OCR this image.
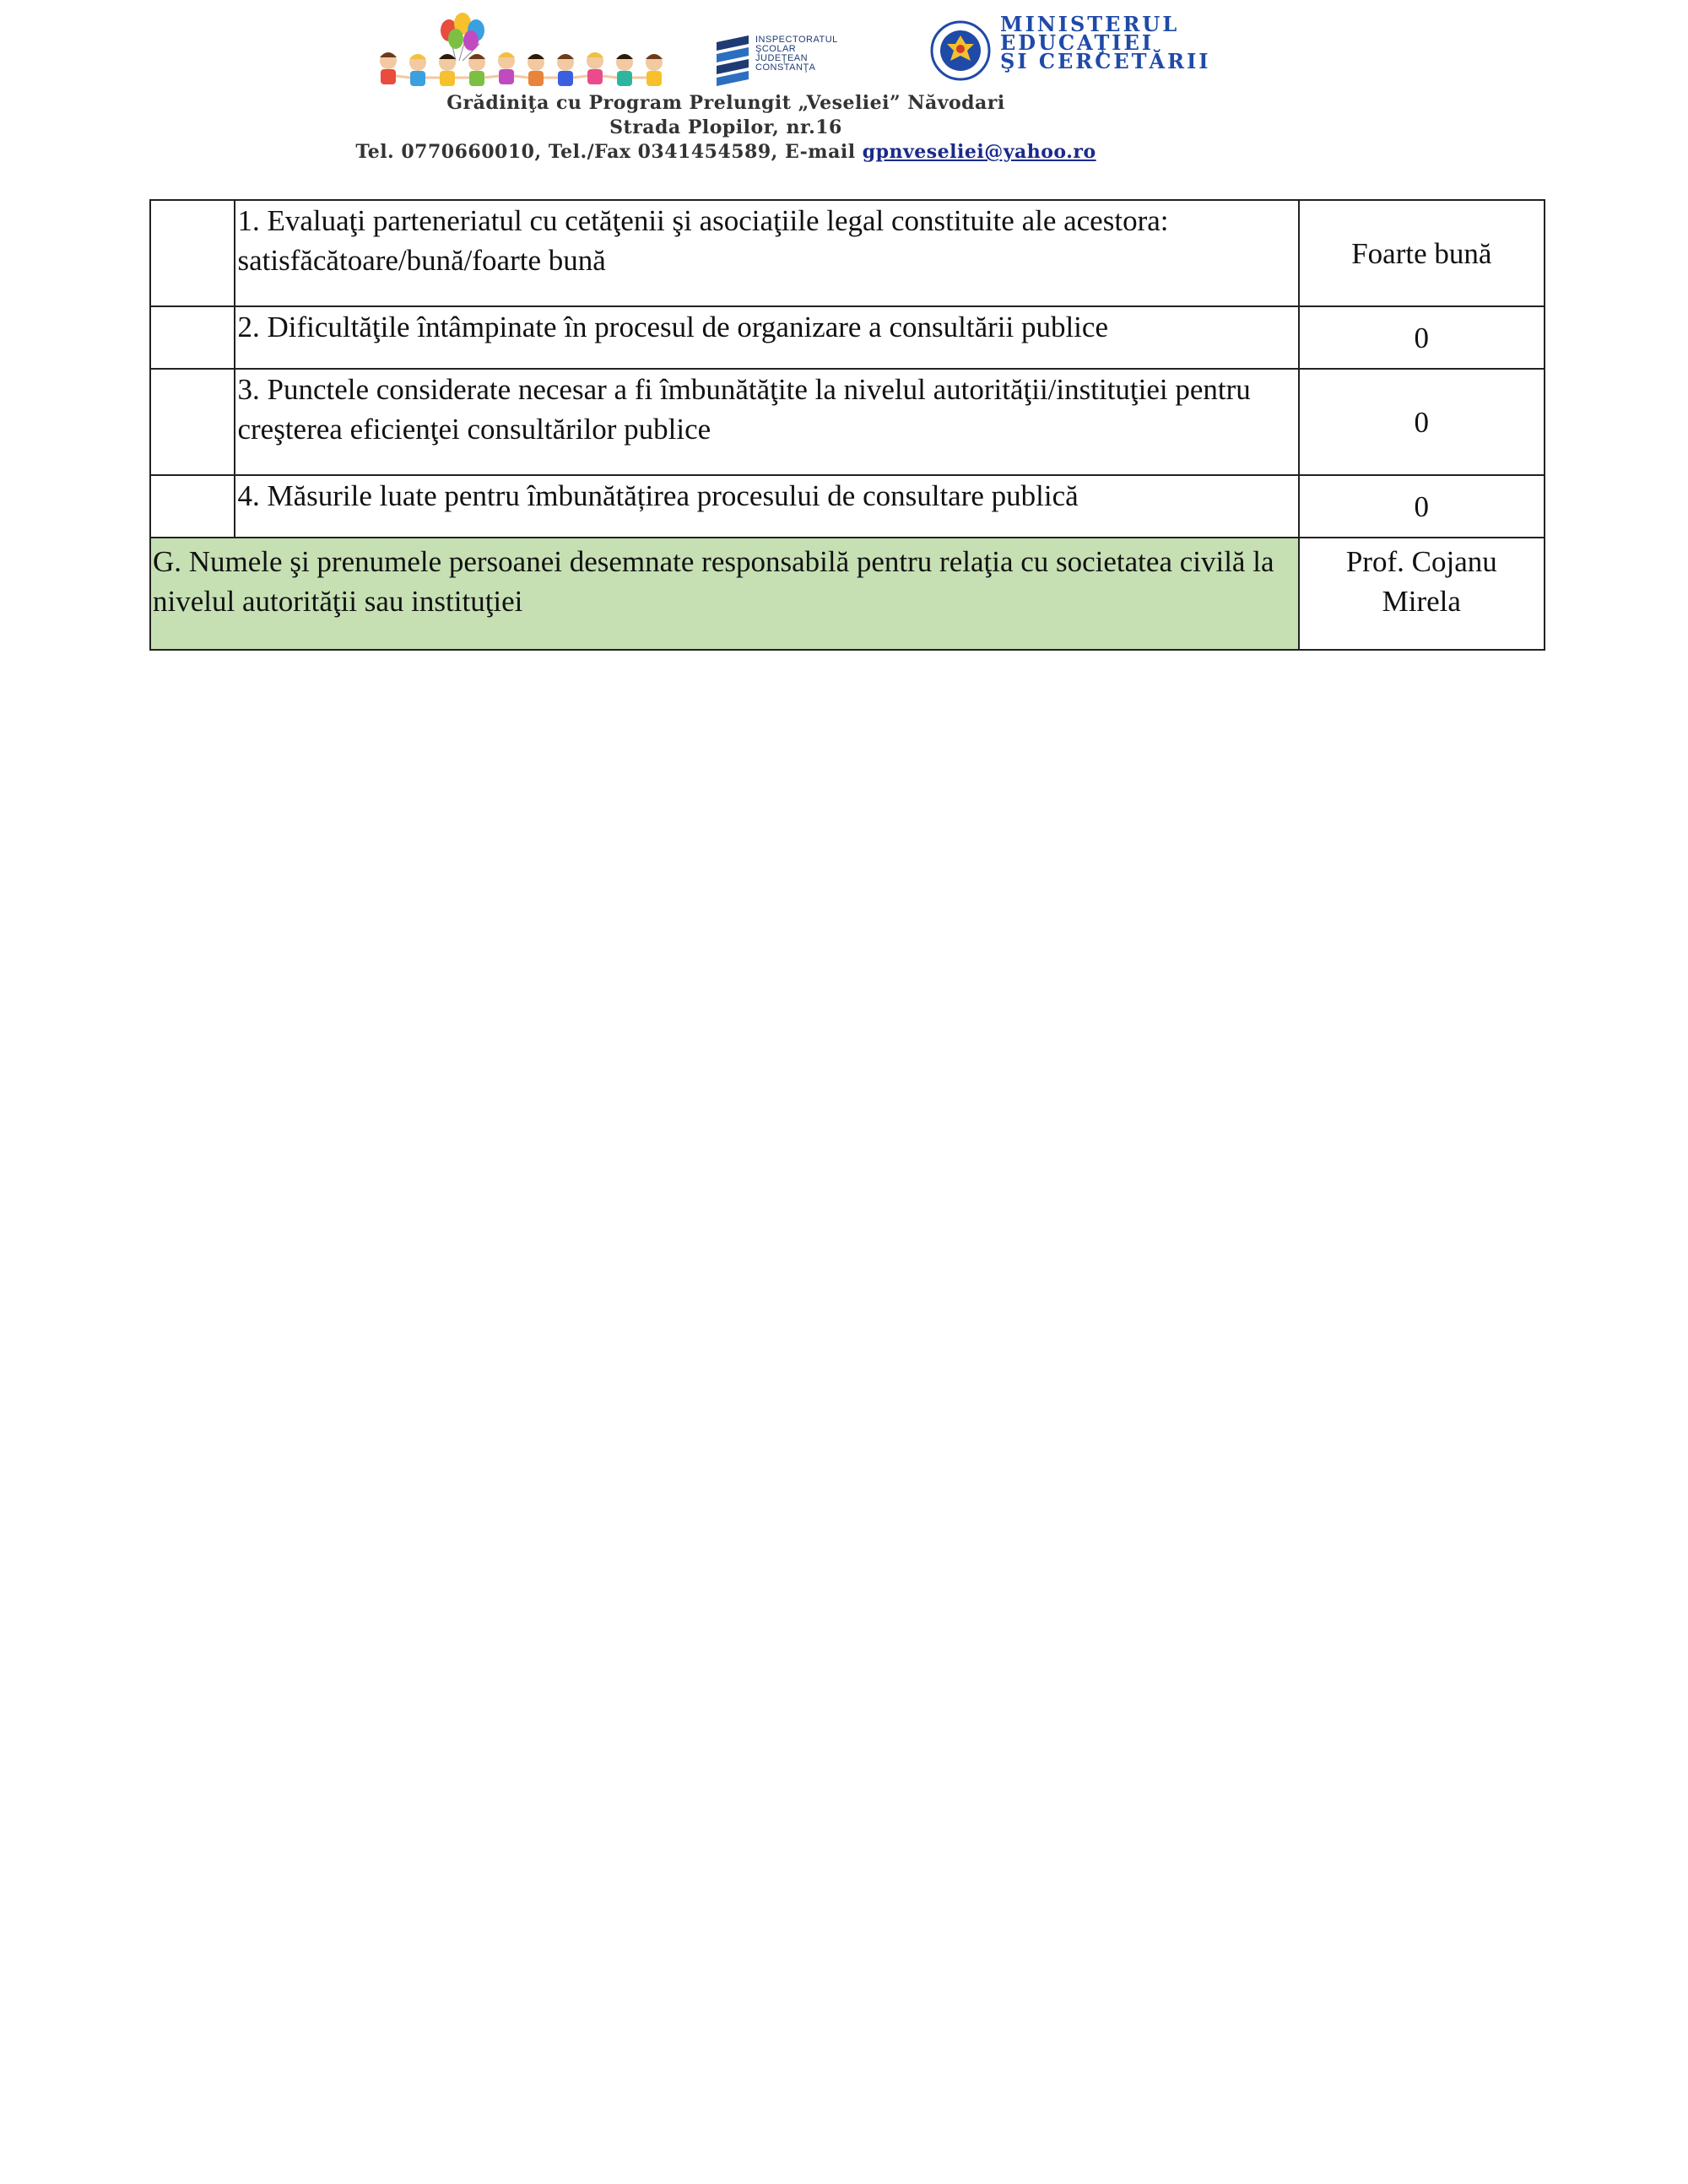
INSPECTORATUL
ŞCOLAR
JUDEŢEAN
CONSTANŢA
MINISTERUL
EDUCAŢIEI
ŞI CERCETĂRII
Grădiniţa cu Program Prelungit „Veseliei” Năvodari
Strada Plopilor, nr.16
Tel. 0770660010, Tel./Fax 0341454589, E-mail gpnveseliei@yahoo.ro
	1. Evaluaţi parteneriatul cu cetăţenii şi asociaţiile legal constituite ale acestora: satisfăcătoare/bună/foarte bună	Foarte bună
	2. Dificultăţile întâmpinate în procesul de organizare a consultării publice	0
	3. Punctele considerate necesar a fi îmbunătăţite la nivelul autorităţii/instituţiei pentru creşterea eficienţei consultărilor publice	0
	4. Măsurile luate pentru îmbunătățirea procesului de consultare publică	0
G. Numele şi prenumele persoanei desemnate responsabilă pentru relaţia cu societatea civilă la nivelul autorităţii sau instituţiei		Prof. Cojanu
Mirela
